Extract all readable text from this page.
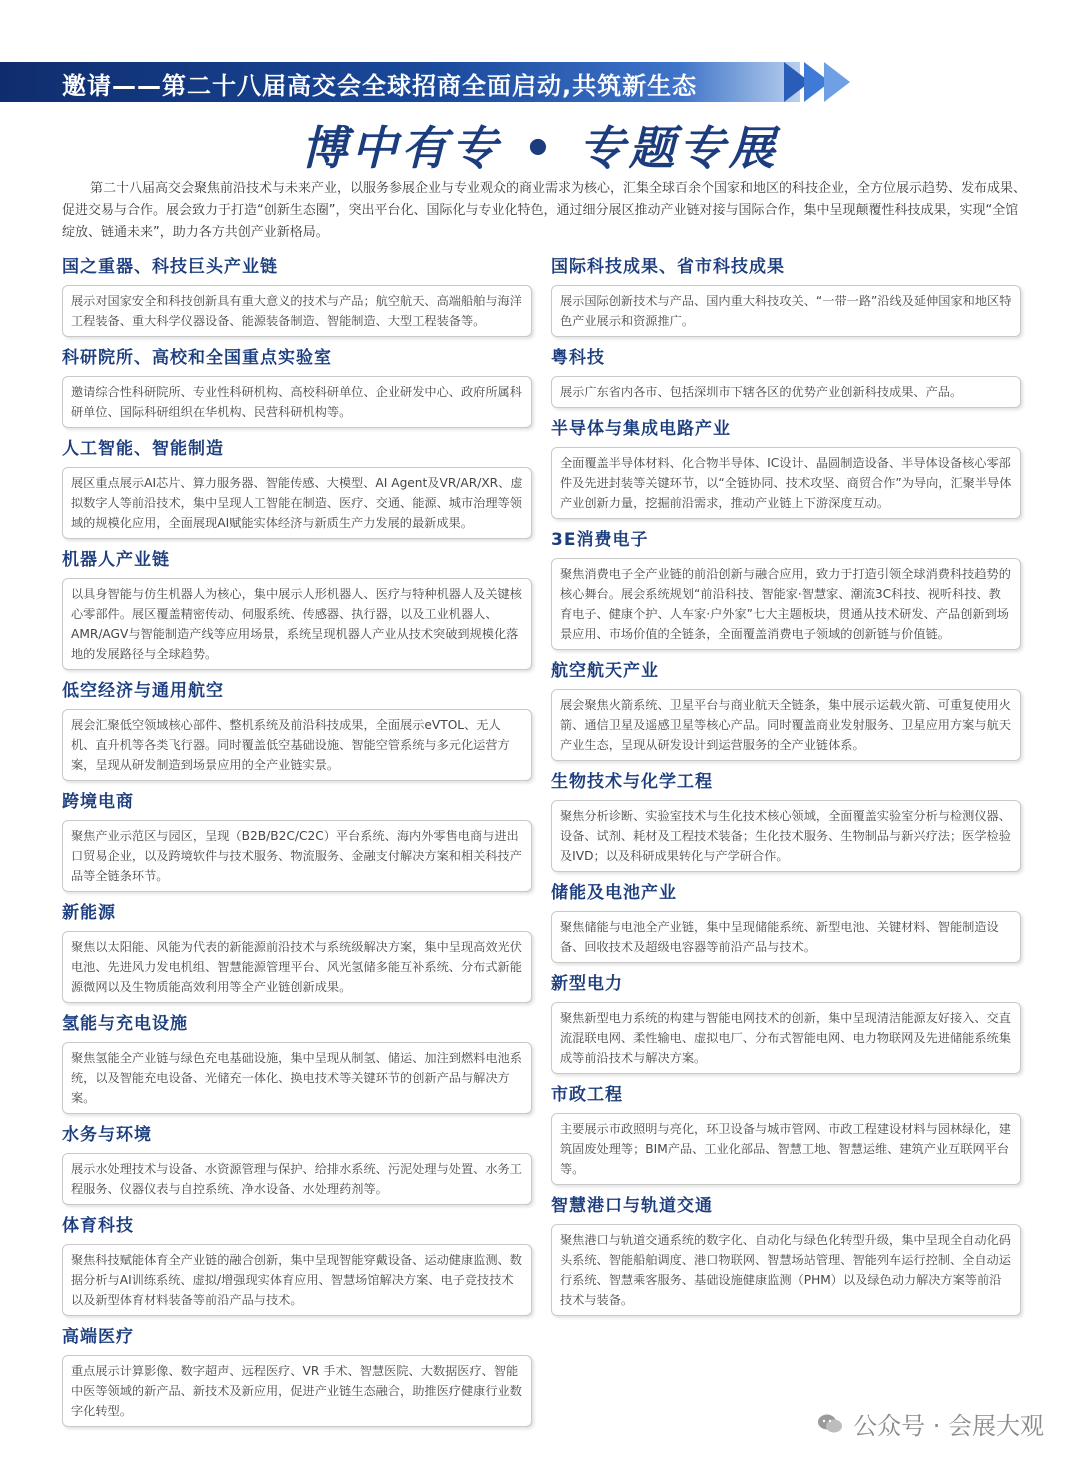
邀请——第二十八届高交会全球招商全面启动,共筑新生态
博中有专 • 专题专展
第二十八届高交会聚焦前沿技术与未来产业，以服务参展企业与专业观众的商业需求为核心，汇集全球百余个国家和地区的科技企业，全方位展示趋势、发布成果、促进交易与合作。展会致力于打造“创新生态圈”，突出平台化、国际化与专业化特色，通过细分展区推动产业链对接与国际合作，集中呈现颠覆性科技成果，实现“全馆绽放、链通未来”，助力各方共创产业新格局。
国之重器、科技巨头产业链
展示对国家安全和科技创新具有重大意义的技术与产品；航空航天、高端船舶与海洋工程装备、重大科学仪器设备、能源装备制造、智能制造、大型工程装备等。
科研院所、高校和全国重点实验室
邀请综合性科研院所、专业性科研机构、高校科研单位、企业研发中心、政府所属科研单位、国际科研组织在华机构、民营科研机构等。
人工智能、智能制造
展区重点展示AI芯片、算力服务器、智能传感、大模型、AI Agent及VR/AR/XR、虚拟数字人等前沿技术，集中呈现人工智能在制造、医疗、交通、能源、城市治理等领域的规模化应用，全面展现AI赋能实体经济与新质生产力发展的最新成果。
机器人产业链
以具身智能与仿生机器人为核心，集中展示人形机器人、医疗与特种机器人及关键核心零部件。展区覆盖精密传动、伺服系统、传感器、执行器，以及工业机器人、AMR/AGV与智能制造产线等应用场景，系统呈现机器人产业从技术突破到规模化落地的发展路径与全球趋势。
低空经济与通用航空
展会汇聚低空领域核心部件、整机系统及前沿科技成果，全面展示eVTOL、无人机、直升机等各类飞行器。同时覆盖低空基础设施、智能空管系统与多元化运营方案，呈现从研发制造到场景应用的全产业链实景。
跨境电商
聚焦产业示范区与园区，呈现（B2B/B2C/C2C）平台系统、海内外零售电商与进出口贸易企业，以及跨境软件与技术服务、物流服务、金融支付解决方案和相关科技产品等全链条环节。
新能源
聚焦以太阳能、风能为代表的新能源前沿技术与系统级解决方案，集中呈现高效光伏电池、先进风力发电机组、智慧能源管理平台、风光氢储多能互补系统、分布式新能源微网以及生物质能高效利用等全产业链创新成果。
氢能与充电设施
聚焦氢能全产业链与绿色充电基础设施，集中呈现从制氢、储运、加注到燃料电池系统，以及智能充电设备、光储充一体化、换电技术等关键环节的创新产品与解决方案。
水务与环境
展示水处理技术与设备、水资源管理与保护、给排水系统、污泥处理与处置、水务工程服务、仪器仪表与自控系统、净水设备、水处理药剂等。
体育科技
聚焦科技赋能体育全产业链的融合创新，集中呈现智能穿戴设备、运动健康监测、数据分析与AI训练系统、虚拟/增强现实体育应用、智慧场馆解决方案、电子竞技技术以及新型体育材料装备等前沿产品与技术。
高端医疗
重点展示计算影像、数字超声、远程医疗、VR 手术、智慧医院、大数据医疗、智能中医等领域的新产品、新技术及新应用，促进产业链生态融合，助推医疗健康行业数字化转型。
国际科技成果、省市科技成果
展示国际创新技术与产品、国内重大科技攻关、“一带一路”沿线及延伸国家和地区特色产业展示和资源推广。
粤科技
展示广东省内各市、包括深圳市下辖各区的优势产业创新科技成果、产品。
半导体与集成电路产业
全面覆盖半导体材料、化合物半导体、IC设计、晶圆制造设备、半导体设备核心零部件及先进封装等关键环节，以“全链协同、技术攻坚、商贸合作”为导向，汇聚半导体产业创新力量，挖掘前沿需求，推动产业链上下游深度互动。
3E消费电子
聚焦消费电子全产业链的前沿创新与融合应用，致力于打造引领全球消费科技趋势的核心舞台。展会系统规划“前沿科技、智能家·智慧家、潮流3C科技、视听科技、教育电子、健康个护、人车家·户外家”七大主题板块，贯通从技术研发、产品创新到场景应用、市场价值的全链条，全面覆盖消费电子领域的创新链与价值链。
航空航天产业
展会聚焦火箭系统、卫星平台与商业航天全链条，集中展示运载火箭、可重复使用火箭、通信卫星及遥感卫星等核心产品。同时覆盖商业发射服务、卫星应用方案与航天产业生态，呈现从研发设计到运营服务的全产业链体系。
生物技术与化学工程
聚焦分析诊断、实验室技术与生化技术核心领域，全面覆盖实验室分析与检测仪器、设备、试剂、耗材及工程技术装备；生化技术服务、生物制品与新兴疗法；医学检验及IVD；以及科研成果转化与产学研合作。
储能及电池产业
聚焦储能与电池全产业链，集中呈现储能系统、新型电池、关键材料、智能制造设备、回收技术及超级电容器等前沿产品与技术。
新型电力
聚焦新型电力系统的构建与智能电网技术的创新，集中呈现清洁能源友好接入、交直流混联电网、柔性输电、虚拟电厂、分布式智能电网、电力物联网及先进储能系统集成等前沿技术与解决方案。
市政工程
主要展示市政照明与亮化，环卫设备与城市管网、市政工程建设材料与园林绿化，建筑固废处理等；BIM产品、工业化部品、智慧工地、智慧运维、建筑产业互联网平台等。
智慧港口与轨道交通
聚焦港口与轨道交通系统的数字化、自动化与绿色化转型升级，集中呈现全自动化码头系统、智能船舶调度、港口物联网、智慧场站管理、智能列车运行控制、全自动运行系统、智慧乘客服务、基础设施健康监测（PHM）以及绿色动力解决方案等前沿技术与装备。
公众号 · 会展大观
